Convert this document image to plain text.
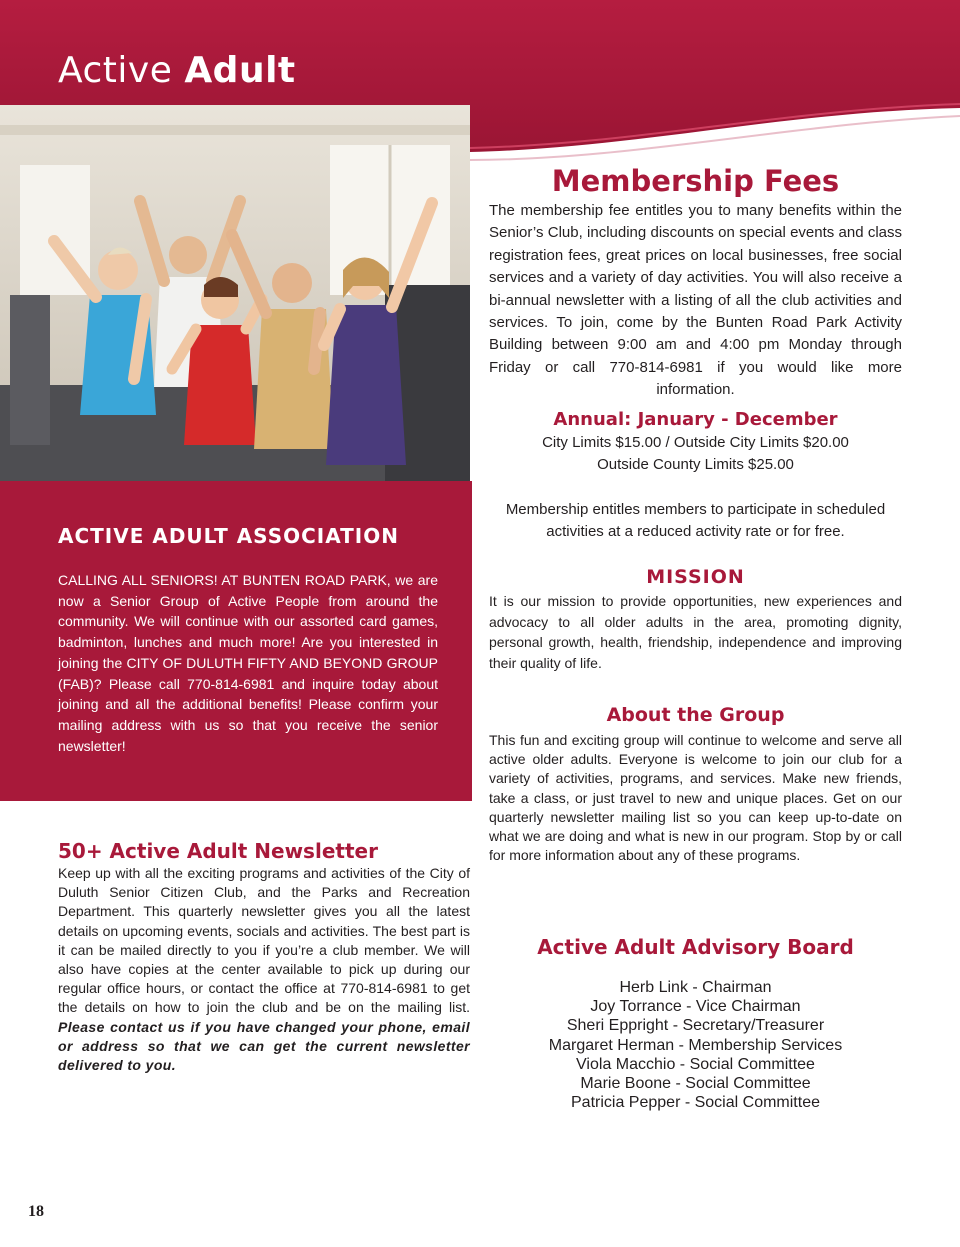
Active Adult
ACTIVE ADULT ASSOCIATION

CALLING ALL SENIORS! AT BUNTEN ROAD PARK, we are now a Senior Group of Active People from around the community. We will continue with our assorted card games, badminton, lunches and much more! Are you interested in joining the CITY OF DULUTH FIFTY AND BEYOND GROUP (FAB)? Please call 770-814-6981 and inquire today about joining and all the additional benefits! Please confirm your mailing address with us so that you receive the senior newsletter!

50+ Active Adult Newsletter

Keep up with all the exciting programs and activities of the City of Duluth Senior Citizen Club, and the Parks and Recreation Department. This quarterly newsletter gives you all the latest details on upcoming events, socials and activities. The best part is it can be mailed directly to you if you’re a club member. We will also have copies at the center available to pick up during our regular office hours, or contact the office at 770-814-6981 to get the details on how to join the club and be on the mailing list. Please contact us if you have changed your phone, email or address so that we can get the current newsletter delivered to you.

Membership Fees

The membership fee entitles you to many benefits within the Senior’s Club, including discounts on special events and class registration fees, great prices on local businesses, free social services and a variety of day activities. You will also receive a bi-annual newsletter with a listing of all the club activities and services. To join, come by the Bunten Road Park Activity Building between 9:00 am and 4:00 pm Monday through Friday or call 770-814-6981 if you would like more information.

Annual: January - December

City Limits $15.00 / Outside City Limits $20.00

Outside County Limits $25.00

Membership entitles members to participate in scheduled

activities at a reduced activity rate or for free.

MISSION

It is our mission to provide opportunities, new experiences and advocacy to all older adults in the area, promoting dignity, personal growth, health, friendship, independence and improving their quality of life.

About the Group

This fun and exciting group will continue to welcome and serve all active older adults. Everyone is welcome to join our club for a variety of activities, programs, and services. Make new friends, take a class, or just travel to new and unique places. Get on our quarterly newsletter mailing list so you can keep up-to-date on what we are doing and what is new in our program. Stop by or call for more information about any of these programs.

Active Adult Advisory Board
Herb Link - Chairman
Joy Torrance - Vice Chairman
Sheri Eppright - Secretary/Treasurer
Margaret Herman - Membership Services
Viola Macchio - Social Committee
Marie Boone - Social Committee
Patricia Pepper - Social Committee

18
